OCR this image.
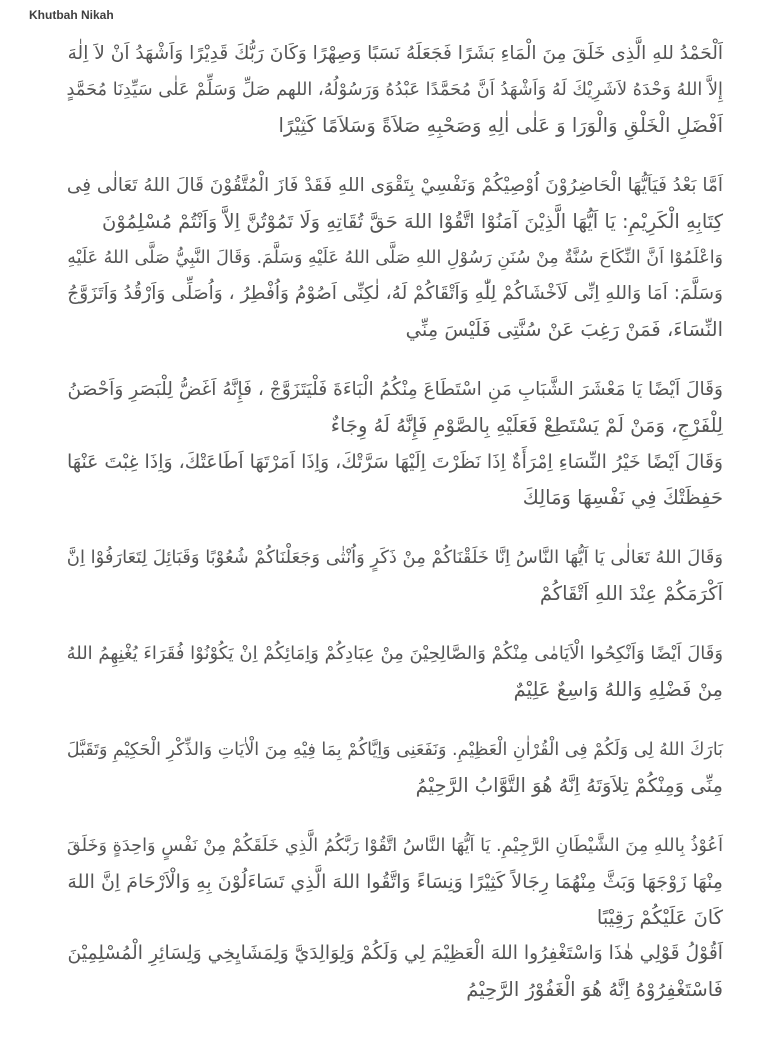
Khutbah Nikah

اَلْحَمْدُ للهِ الَّذِى خَلَقَ مِنَ الْمَاءِ بَشَرًا فَجَعَلَهُ نَسَبًا وَصِهْرًا وَكَانَ رَبُّكَ قَدِيْرًا وَاَشْهَدُ اَنْ لاَ اِلٰهَ
إِلاَّ اللهُ وَحْدَهُ لاَشَرِيْكَ لَهُ وَاَشْهَدُ اَنَّ مُحَمَّدًا عَبْدُهُ وَرَسُوْلُهُ، اللهم صَلِّ وَسَلِّمْ عَلٰى سَيِّدِنَا مُحَمَّدٍ
اَفْضَلِ الْخَلْقِ وَالْوَرَا وَ عَلٰى اٰلِهِ وَصَحْبِهِ صَلاَةً وَسَلاَمًا كَثِيْرًا

اَمَّا بَعْدُ فَيَاَيُّهَا الْحَاضِرُوْنَ اُوْصِيْكُمْ وَنَفْسِيْ بِتَقْوَى اللهِ فَقَدْ فَازَ الْمُتَّقُوْنَ قَالَ اللهُ تَعَالٰى فِى
كِتَابِهِ الْكَرِيْمِ: يَا اَيُّهَا الَّذِيْنَ آمَنُوْا اتَّقُوْا اللهَ حَقَّ تُقَاتِهِ وَلَا تَمُوْتُنَّ اِلاَّ وَاَنْتُمْ مُسْلِمُوْنَ
وَاعْلَمُوْا اَنَّ النِّكَاحَ سُنَّةٌ مِنْ سُنَنِ رَسُوْلِ اللهِ صَلَّى اللهُ عَلَيْهِ وَسَلَّمَ. وَقَالَ النَّبِيُّ صَلَّى اللهُ عَلَيْهِ
وَسَلَّمَ: اَمَا وَاللهِ اِنِّى لَاَخْشَاكُمْ لِلّٰهِ وَاَتْقَاكُمْ لَهُ، لٰكِنِّى اَصُوْمُ وَاُفْطِرُ ، وَاُصَلِّى وَاَرْقُدُ وَاَتَزَوَّجُ
النِّسَاءَ، فَمَنْ رَغِبَ عَنْ سُنَّتِى فَلَيْسَ مِنِّي

وَقَالَ اَيْضًا يَا مَعْشَرَ الشَّبَابِ مَنِ اسْتَطَاعَ مِنْكُمُ الْبَاءَةَ فَلْيَتَزَوَّجْ ، فَإِنَّهُ اَغَضُّ لِلْبَصَرِ وَاَحْصَنُ
لِلْفَرْجِ، وَمَنْ لَمْ يَسْتَطِعْ فَعَلَيْهِ بِالصَّوْمِ فَإِنَّهُ لَهُ وِجَاءٌ

وَقَالَ اَيْضًا خَيْرُ النِّسَاءِ اِمْرَأَةٌ اِذَا نَظَرْتَ اِلَيْهَا سَرَّتْكَ، وَاِذَا اَمَرْتَهَا اَطَاعَتْكَ، وَاِذَا غِبْتَ عَنْهَا
حَفِظَتْكَ فِي نَفْسِهَا وَمَالِكَ

وَقَالَ اللهُ تَعَالٰى يَا اَيُّهَا النَّاسُ اِنَّا خَلَقْنَاكُمْ مِنْ ذَكَرٍ وَاُنْثٰى وَجَعَلْنَاكُمْ شُعُوْبًا وَقَبَائِلَ لِتَعَارَفُوْا اِنَّ
اَكْرَمَكُمْ عِنْدَ اللهِ اَتْقَاكُمْ

وَقَالَ اَيْضًا وَاَنْكِحُوا الْاَيَامٰى مِنْكُمْ وَالصَّالِحِيْنَ مِنْ عِبَادِكُمْ وَاِمَائِكُمْ اِنْ يَكُوْنُوْا فُقَرَاءَ يُغْنِهِمُ اللهُ
مِنْ فَضْلِهِ وَاللهُ وَاسِعٌ عَلِيْمٌ

بَارَكَ اللهُ لِى وَلَكُمْ فِى الْقُرْاٰنِ الْعَظِيْمِ. وَنَفَعَنِى وَاِيَّاكُمْ بِمَا فِيْهِ مِنَ الْاٰيَاتِ وَالذِّكْرِ الْحَكِيْمِ وَتَقَبَّلَ
مِنِّى وَمِنْكُمْ تِلاَوَتَهُ اِنَّهُ هُوَ التَّوَّابُ الرَّحِيْمُ

اَعُوْذُ بِاللهِ مِنَ الشَّيْطَانِ الرَّجِيْمِ. يَا اَيُّهَا النَّاسُ اتَّقُوْا رَبَّكُمُ الَّذِي خَلَقَكُمْ مِنْ نَفْسٍ وَاحِدَةٍ وَخَلَقَ
مِنْهَا زَوْجَهَا وَبَثَّ مِنْهُمَا رِجَالاً كَثِيْرًا وَنِسَاءً وَاتَّقُوا اللهَ الَّذِي تَسَاءَلُوْنَ بِهِ وَالْاَرْحَامَ اِنَّ اللهَ
كَانَ عَلَيْكُمْ رَقِيْبًا

اَقُوْلُ قَوْلِي هٰذَا وَاسْتَغْفِرُوا اللهَ الْعَظِيْمَ لِي وَلَكُمْ وَلِوَالِدَيَّ وَلِمَشَايِخِي وَلِسَائِرِ الْمُسْلِمِيْنَ
فَاسْتَغْفِرُوْهُ اِنَّهُ هُوَ الْغَفُوْرُ الرَّحِيْمُ
